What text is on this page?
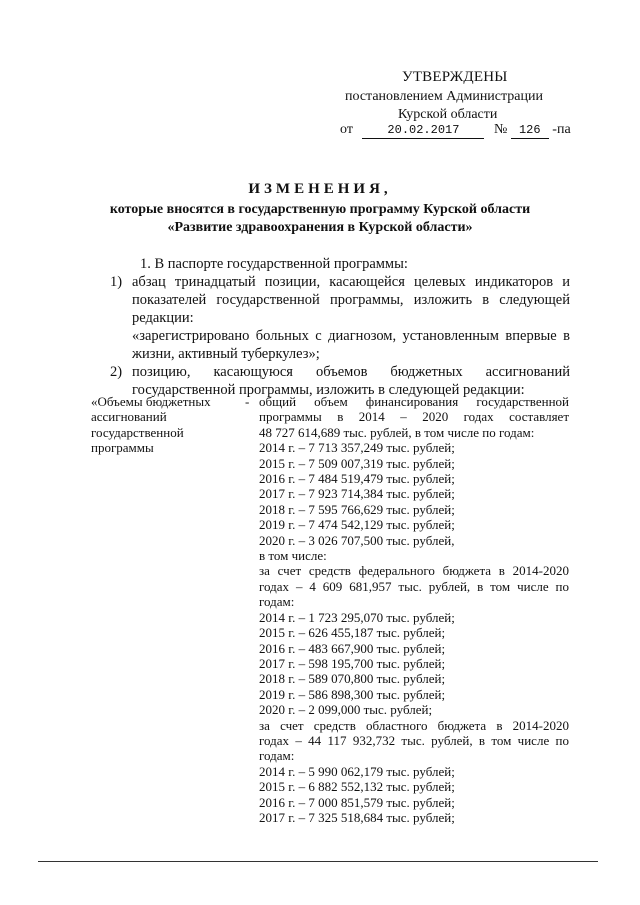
УТВЕРЖДЕНЫ
постановлением Администрации
Курской области
от	20.02.2017 № 126 -па
ИЗМЕНЕНИЯ,
которые вносятся в государственную программу Курской области
«Развитие здравоохранения в Курской области»
1. В паспорте государственной программы:
1) абзац тринадцатый позиции, касающейся целевых индикаторов и
показателей государственной программы, изложить в следующей
редакции:
«зарегистрировано больных с диагнозом, установленным впервые в
жизни, активный туберкулез»;
2) позицию, касающуюся объемов бюджетных ассигнований
государственной программы, изложить в следующей редакции:
«Объемы бюджетных
ассигнований
государственной
программы
- общий объем финансирования государственной
программы в 2014 – 2020 годах составляет
48 727 614,689 тыс. рублей, в том числе по годам:
2014 г. – 7 713 357,249 тыс. рублей;
2015 г. – 7 509 007,319 тыс. рублей;
2016 г. – 7 484 519,479 тыс. рублей;
2017 г. – 7 923 714,384 тыс. рублей;
2018 г. – 7 595 766,629 тыс. рублей;
2019 г. – 7 474 542,129 тыс. рублей;
2020 г. – 3 026 707,500 тыс. рублей,
в том числе:
за счет средств федерального бюджета в 2014-2020
годах – 4 609 681,957 тыс. рублей, в том числе по
годам:
2014 г. – 1 723 295,070 тыс. рублей;
2015 г. – 626 455,187 тыс. рублей;
2016 г. – 483 667,900 тыс. рублей;
2017 г. – 598 195,700 тыс. рублей;
2018 г. – 589 070,800 тыс. рублей;
2019 г. – 586 898,300 тыс. рублей;
2020 г. – 2 099,000 тыс. рублей;
за счет средств областного бюджета в 2014-2020
годах – 44 117 932,732 тыс. рублей, в том числе по
годам:
2014 г. – 5 990 062,179 тыс. рублей;
2015 г. – 6 882 552,132 тыс. рублей;
2016 г. – 7 000 851,579 тыс. рублей;
2017 г. – 7 325 518,684 тыс. рублей;
